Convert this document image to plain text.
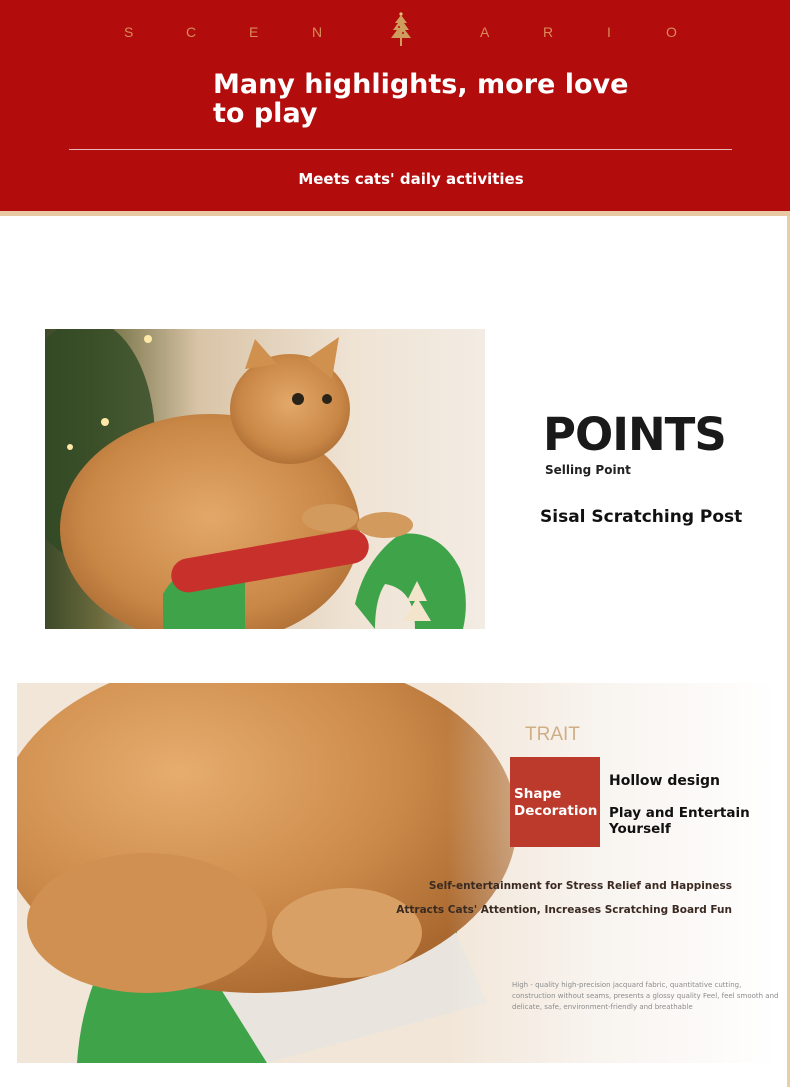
S	C	E	N	A	R	I	O
Many highlights, more love to play
Meets cats' daily activities
POINTS
Selling Point
Sisal Scratching Post
TRAIT
Shape Decoration
Hollow design
Play and Entertain Yourself
Self-entertainment for Stress Relief and Happiness
Attracts Cats' Attention, Increases Scratching Board Fun
High - quality high-precision jacquard fabric, quantitative cutting, construction without seams, presents a glossy quality Feel, feel smooth and delicate, safe, environment-friendly and breathable
